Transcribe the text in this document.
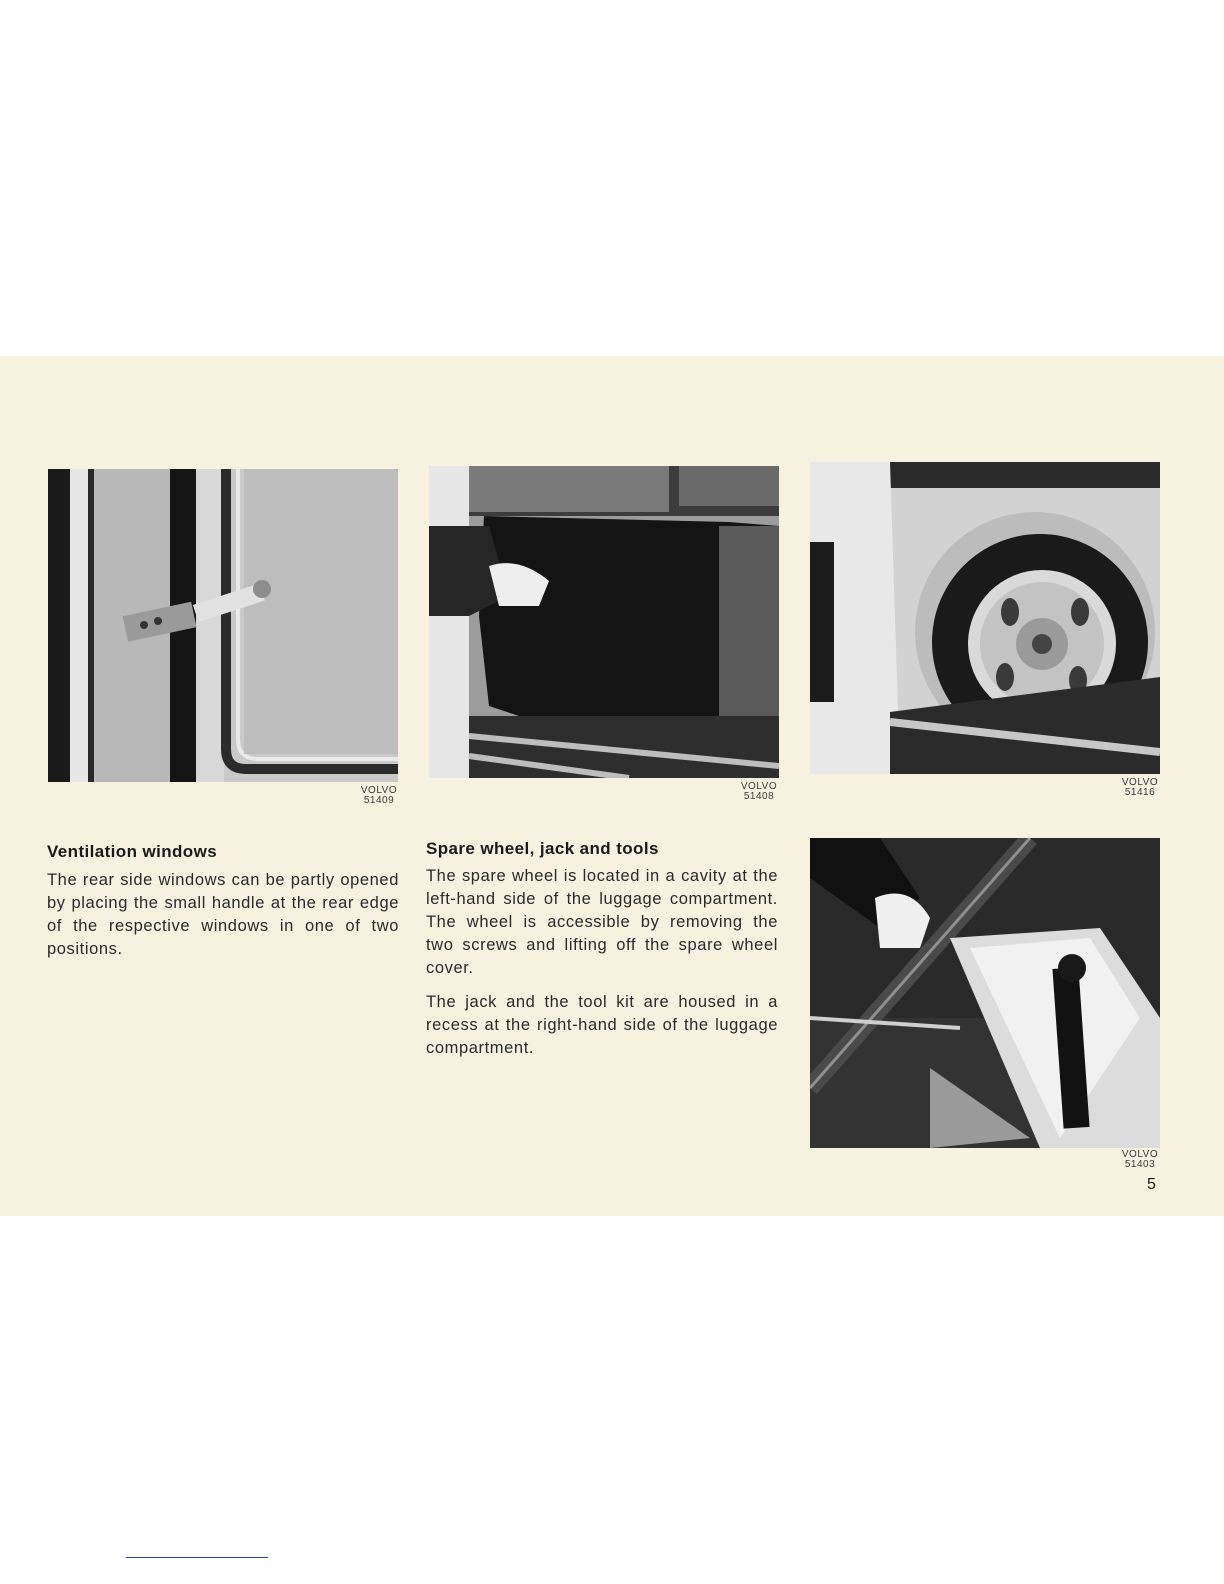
VOLVO
51409
VOLVO
51408
VOLVO
51416
Ventilation windows

The rear side windows can be partly opened by placing the small handle at the rear edge of the respective windows in one of two positions.

Spare wheel, jack and tools

The spare wheel is located in a cavity at the left-hand side of the luggage compartment. The wheel is accessible by removing the two screws and lifting off the spare wheel cover.

The jack and the tool kit are housed in a recess at the right-hand side of the luggage compartment.

VOLVO
51403
5
